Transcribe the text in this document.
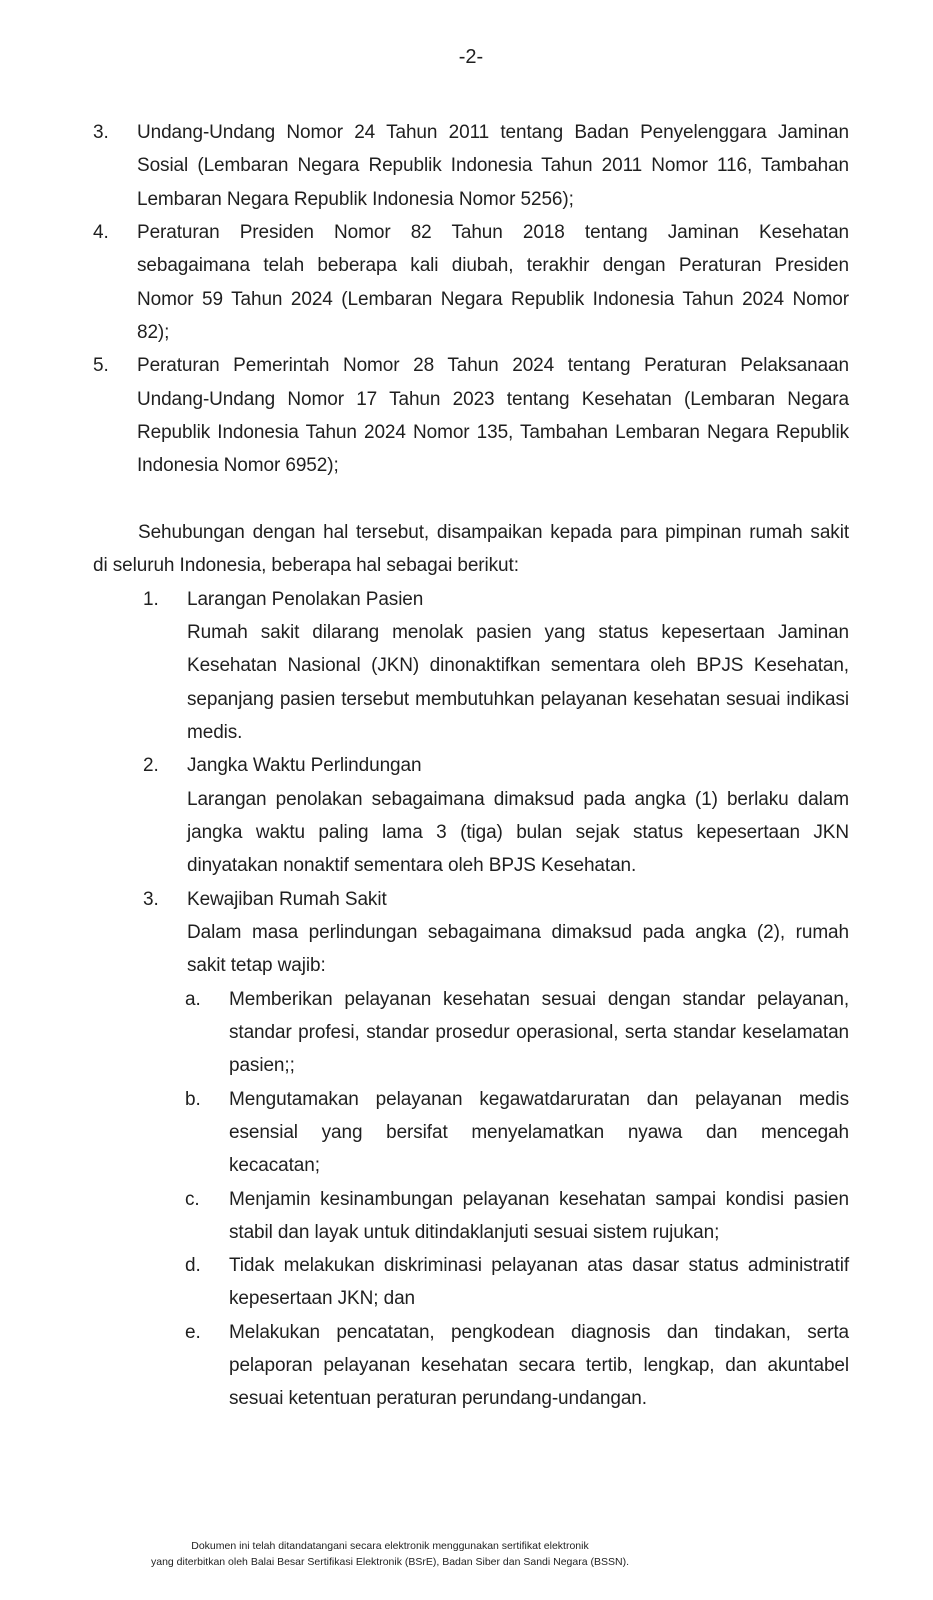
-2-
3.	Undang-Undang Nomor 24 Tahun 2011 tentang Badan Penyelenggara Jaminan
Sosial (Lembaran Negara Republik Indonesia Tahun 2011 Nomor 116, Tambahan
Lembaran Negara Republik Indonesia Nomor 5256);
4.	Peraturan Presiden Nomor 82 Tahun 2018 tentang Jaminan Kesehatan
sebagaimana telah beberapa kali diubah, terakhir dengan Peraturan Presiden
Nomor 59 Tahun 2024 (Lembaran Negara Republik Indonesia Tahun 2024 Nomor
82);
5.	Peraturan Pemerintah Nomor 28 Tahun 2024 tentang Peraturan Pelaksanaan
Undang-Undang Nomor 17 Tahun 2023 tentang Kesehatan (Lembaran Negara
Republik Indonesia Tahun 2024 Nomor 135, Tambahan Lembaran Negara Republik
Indonesia Nomor 6952);
Sehubungan dengan hal tersebut, disampaikan kepada para pimpinan rumah sakit
di seluruh Indonesia, beberapa hal sebagai berikut:
1.	Larangan Penolakan Pasien
Rumah sakit dilarang menolak pasien yang status kepesertaan Jaminan
Kesehatan Nasional (JKN) dinonaktifkan sementara oleh BPJS Kesehatan,
sepanjang pasien tersebut membutuhkan pelayanan kesehatan sesuai indikasi
medis.
2.	Jangka Waktu Perlindungan
Larangan penolakan sebagaimana dimaksud pada angka (1) berlaku dalam
jangka waktu paling lama 3 (tiga) bulan sejak status kepesertaan JKN
dinyatakan nonaktif sementara oleh BPJS Kesehatan.
3.	Kewajiban Rumah Sakit
Dalam masa perlindungan sebagaimana dimaksud pada angka (2), rumah
sakit tetap wajib:
a.	Memberikan pelayanan kesehatan sesuai dengan standar pelayanan,
standar profesi, standar prosedur operasional, serta standar keselamatan
pasien;;
b.	Mengutamakan pelayanan kegawatdaruratan dan pelayanan medis
esensial yang bersifat menyelamatkan nyawa dan mencegah
kecacatan;
c.	Menjamin kesinambungan pelayanan kesehatan sampai kondisi pasien
stabil dan layak untuk ditindaklanjuti sesuai sistem rujukan;
d.	Tidak melakukan diskriminasi pelayanan atas dasar status administratif
kepesertaan JKN; dan
e.	Melakukan pencatatan, pengkodean diagnosis dan tindakan, serta
pelaporan pelayanan kesehatan secara tertib, lengkap, dan akuntabel
sesuai ketentuan peraturan perundang-undangan.
Dokumen ini telah ditandatangani secara elektronik menggunakan sertifikat elektronik
yang diterbitkan oleh Balai Besar Sertifikasi Elektronik (BSrE), Badan Siber dan Sandi Negara (BSSN).
